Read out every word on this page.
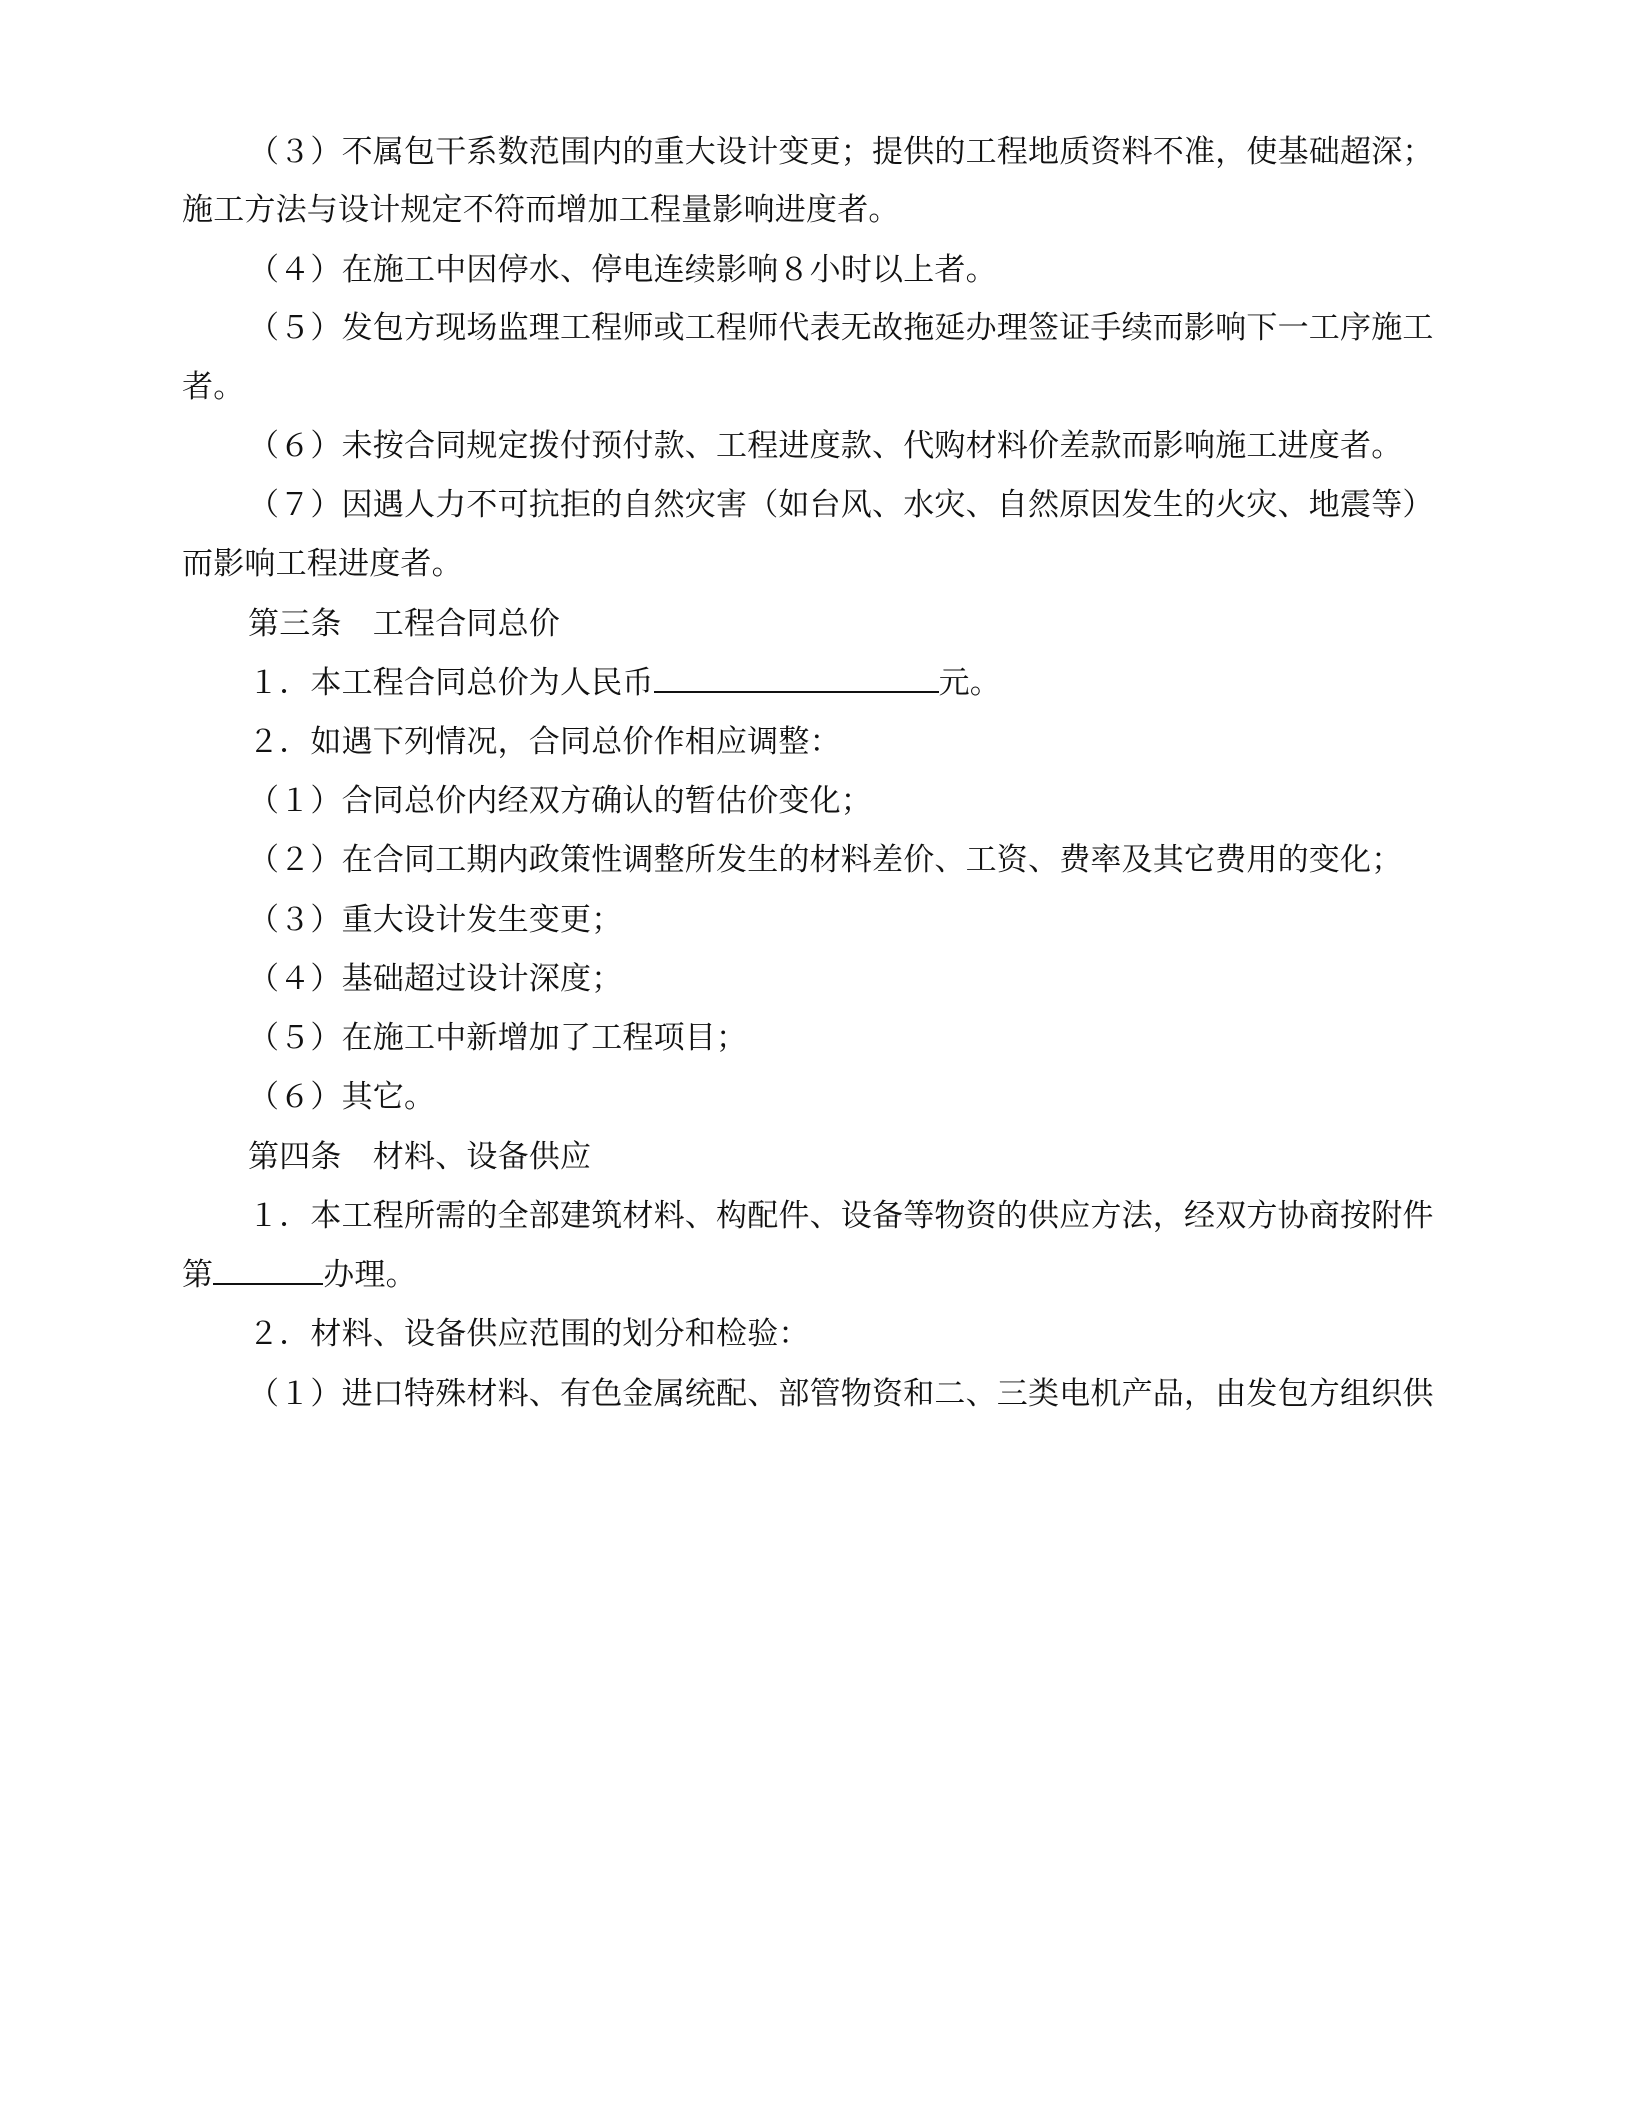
（３）不属包干系数范围内的重大设计变更；提供的工程地质资料不准，使基础超深；
施工方法与设计规定不符而增加工程量影响进度者。
（４）在施工中因停水、停电连续影响８小时以上者。
（５）发包方现场监理工程师或工程师代表无故拖延办理签证手续而影响下一工序施工
者。
（６）未按合同规定拨付预付款、工程进度款、代购材料价差款而影响施工进度者。
（７）因遇人力不可抗拒的自然灾害（如台风、水灾、自然原因发生的火灾、地震等）
而影响工程进度者。
第三条　工程合同总价
１．本工程合同总价为人民币	元。
２．如遇下列情况，合同总价作相应调整：
（１）合同总价内经双方确认的暂估价变化；
（２）在合同工期内政策性调整所发生的材料差价、工资、费率及其它费用的变化；
（３）重大设计发生变更；
（４）基础超过设计深度；
（５）在施工中新增加了工程项目；
（６）其它。
第四条　材料、设备供应
１．本工程所需的全部建筑材料、构配件、设备等物资的供应方法，经双方协商按附件
第	办理。
２．材料、设备供应范围的划分和检验：
（１）进口特殊材料、有色金属统配、部管物资和二、三类电机产品，由发包方组织供
